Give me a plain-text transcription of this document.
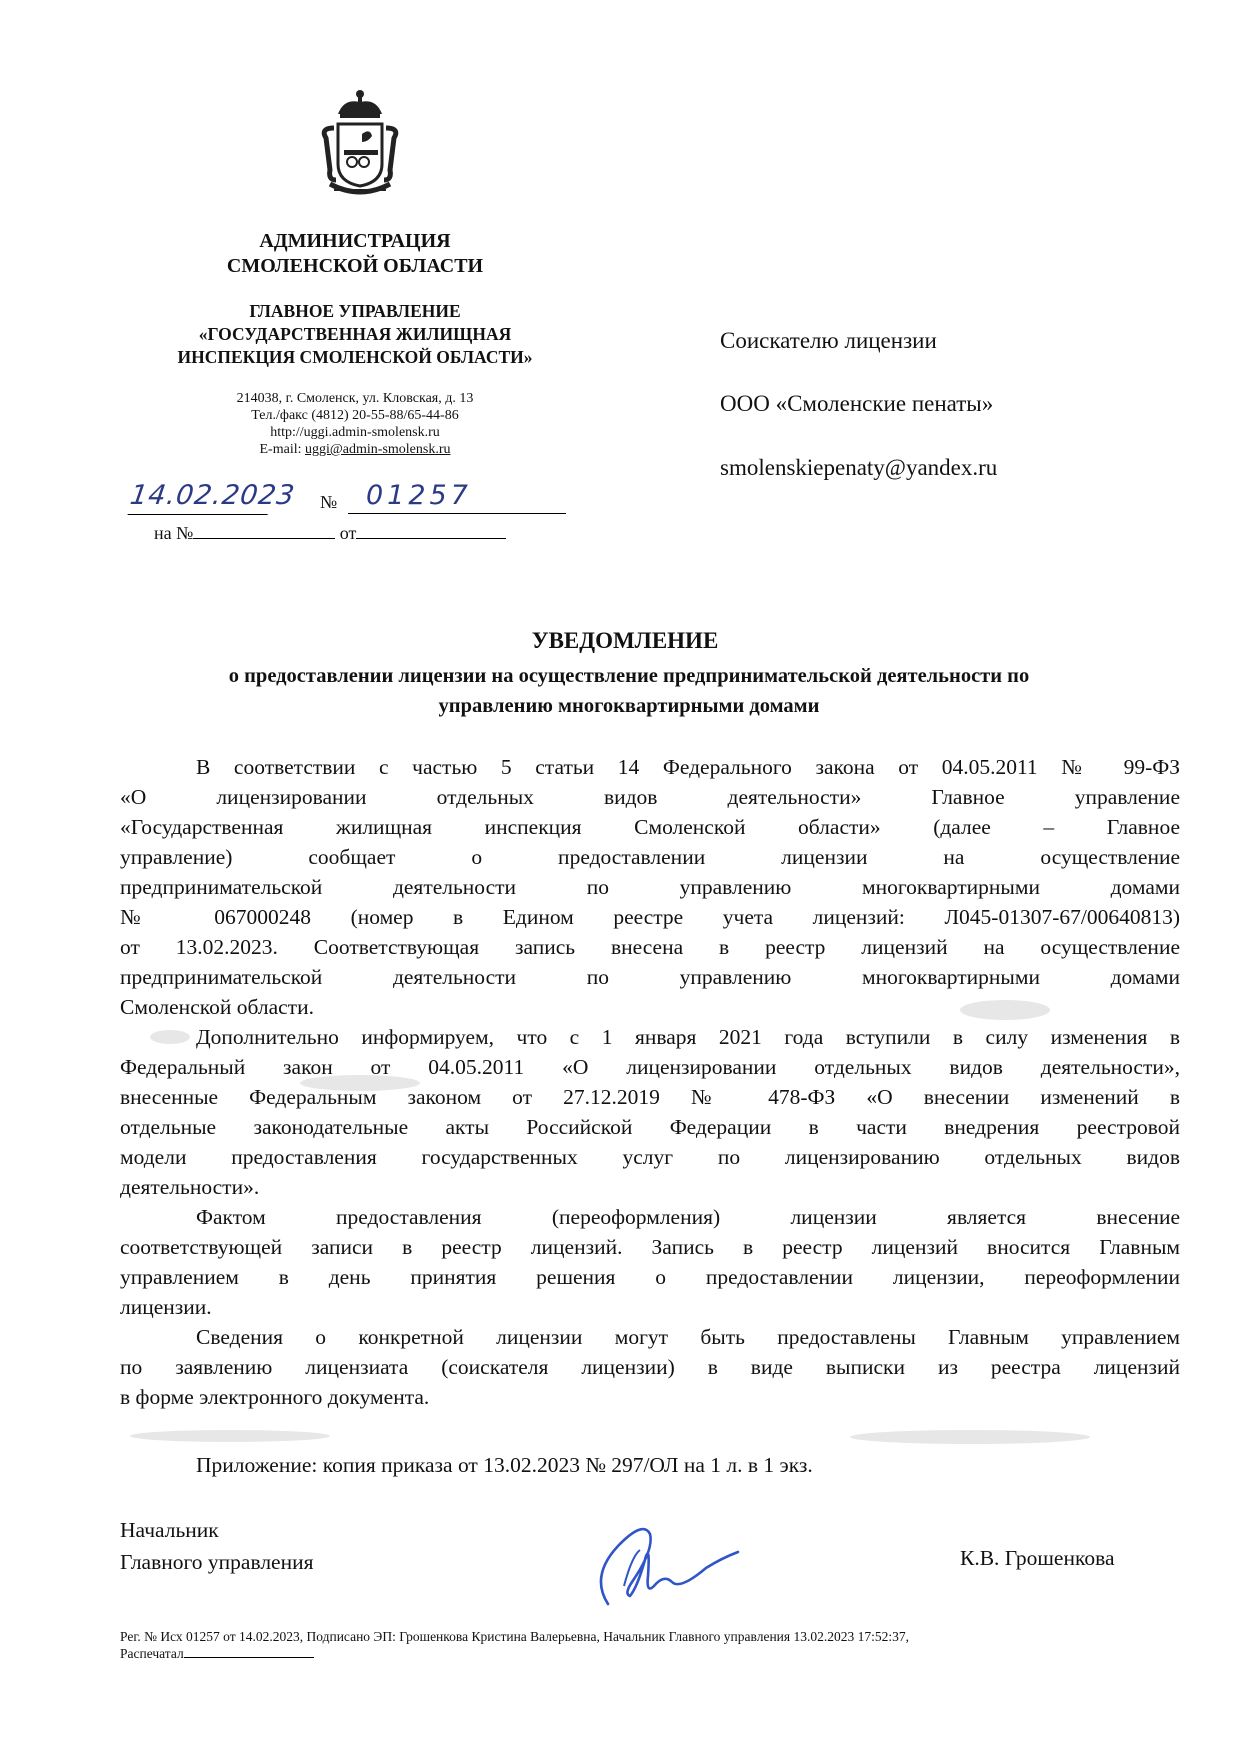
АДМИНИСТРАЦИЯ
СМОЛЕНСКОЙ ОБЛАСТИ
ГЛАВНОЕ УПРАВЛЕНИЕ
«ГОСУДАРСТВЕННАЯ ЖИЛИЩНАЯ
ИНСПЕКЦИЯ СМОЛЕНСКОЙ ОБЛАСТИ»
214038, г. Смоленск, ул. Кловская, д. 13
Тел./факс (4812) 20-55-88/65-44-86
http://uggi.admin-smolensk.ru
E-mail: uggi@admin-smolensk.ru
14.02.2023 №	01257
на №	от
Соискателю лицензии
ООО «Смоленские пенаты»
smolenskiepenaty@yandex.ru
УВЕДОМЛЕНИЕ
о предоставлении лицензии на осуществление предпринимательской деятельности по
управлению многоквартирными домами
В соответствии с частью 5 статьи 14 Федерального закона от 04.05.2011 № 99-ФЗ
«О лицензировании отдельных видов деятельности» Главное управление
«Государственная жилищная инспекция Смоленской области» (далее – Главное
управление) сообщает о предоставлении лицензии на осуществление
предпринимательской деятельности по управлению многоквартирными домами
№ 067000248 (номер в Едином реестре учета лицензий: Л045-01307-67/00640813)
от 13.02.2023. Соответствующая запись внесена в реестр лицензий на осуществление
предпринимательской деятельности по управлению многоквартирными домами
Смоленской области.
Дополнительно информируем, что с 1 января 2021 года вступили в силу изменения в
Федеральный закон от 04.05.2011 «О лицензировании отдельных видов деятельности»,
внесенные Федеральным законом от 27.12.2019 № 478-ФЗ «О внесении изменений в
отдельные законодательные акты Российской Федерации в части внедрения реестровой
модели предоставления государственных услуг по лицензированию отдельных видов
деятельности».
Фактом предоставления (переоформления) лицензии является внесение
соответствующей записи в реестр лицензий. Запись в реестр лицензий вносится Главным
управлением в день принятия решения о предоставлении лицензии, переоформлении
лицензии.
Сведения о конкретной лицензии могут быть предоставлены Главным управлением
по заявлению лицензиата (соискателя лицензии) в виде выписки из реестра лицензий
в форме электронного документа.
Приложение: копия приказа от 13.02.2023 № 297/ОЛ на 1 л. в 1 экз.
Начальник
Главного управления	К.В. Грошенкова
Рег. № Исх 01257 от 14.02.2023, Подписано ЭП: Грошенкова Кристина Валерьевна, Начальник Главного управления 13.02.2023 17:52:37,
Распечатал
